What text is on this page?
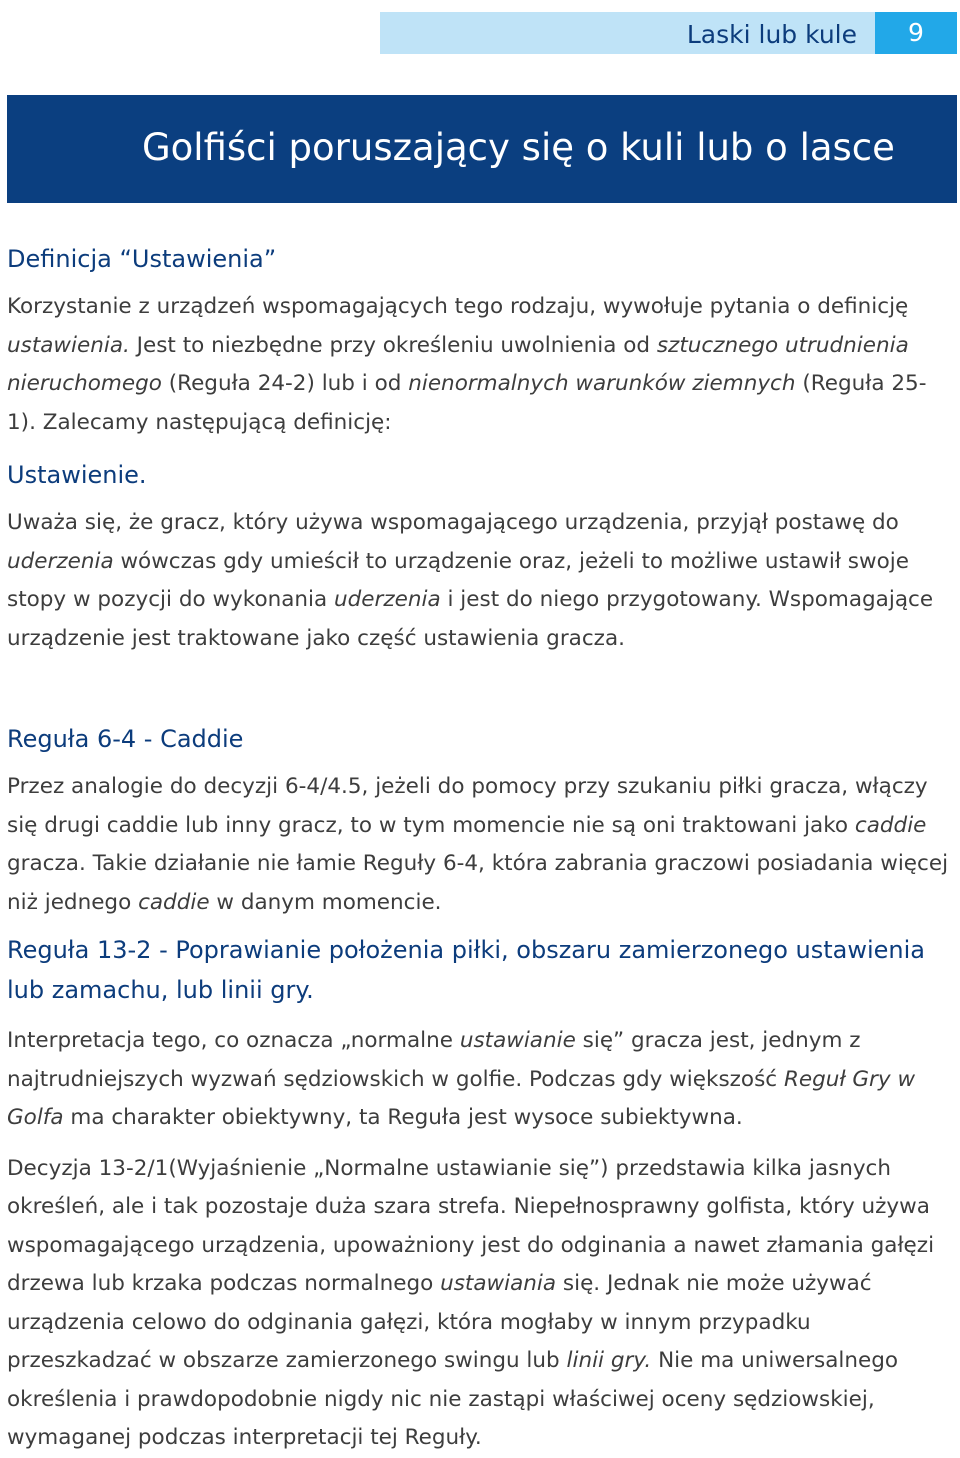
Laski lub kule	9
Golfiści poruszający się o kuli lub o lasce
Definicja “Ustawienia”

Korzystanie z urządzeń wspomagających tego rodzaju, wywołuje pytania o definicję ustawienia. Jest to niezbędne przy określeniu uwolnienia od sztucznego utrudnienia nieruchomego (Reguła 24-2) lub i od nienormalnych warunków ziemnych (Reguła 25-1). Zalecamy następującą definicję:

Ustawienie.

Uważa się, że gracz, który używa wspomagającego urządzenia, przyjął postawę do uderzenia wówczas gdy umieścił to urządzenie oraz, jeżeli to możliwe ustawił swoje stopy w pozycji do wykonania uderzenia i jest do niego przygotowany. Wspomagające urządzenie jest traktowane jako część ustawienia gracza.

Reguła 6-4 - Caddie

Przez analogie do decyzji 6-4/4.5, jeżeli do pomocy przy szukaniu piłki gracza, włączy się drugi caddie lub inny gracz, to w tym momencie nie są oni traktowani jako caddie gracza. Takie działanie nie łamie Reguły 6-4, która zabrania graczowi posiadania więcej niż jednego caddie w danym momencie.

Reguła 13-2 - Poprawianie położenia piłki, obszaru zamierzonego ustawienia lub zamachu, lub linii gry.

Interpretacja tego, co oznacza „normalne ustawianie się” gracza jest, jednym z najtrudniejszych wyzwań sędziowskich w golfie. Podczas gdy większość Reguł Gry w Golfa ma charakter obiektywny, ta Reguła jest wysoce subiektywna.

Decyzja 13-2/1(Wyjaśnienie „Normalne ustawianie się”) przedstawia kilka jasnych określeń, ale i tak pozostaje duża szara strefa. Niepełnosprawny golfista, który używa wspomagającego urządzenia, upoważniony jest do odginania a nawet złamania gałęzi drzewa lub krzaka podczas normalnego ustawiania się. Jednak nie może używać urządzenia celowo do odginania gałęzi, która mogłaby w innym przypadku przeszkadzać w obszarze zamierzonego swingu lub linii gry. Nie ma uniwersalnego określenia i prawdopodobnie nigdy nic nie zastąpi właściwej oceny sędziowskiej, wymaganej podczas interpretacji tej Reguły.
